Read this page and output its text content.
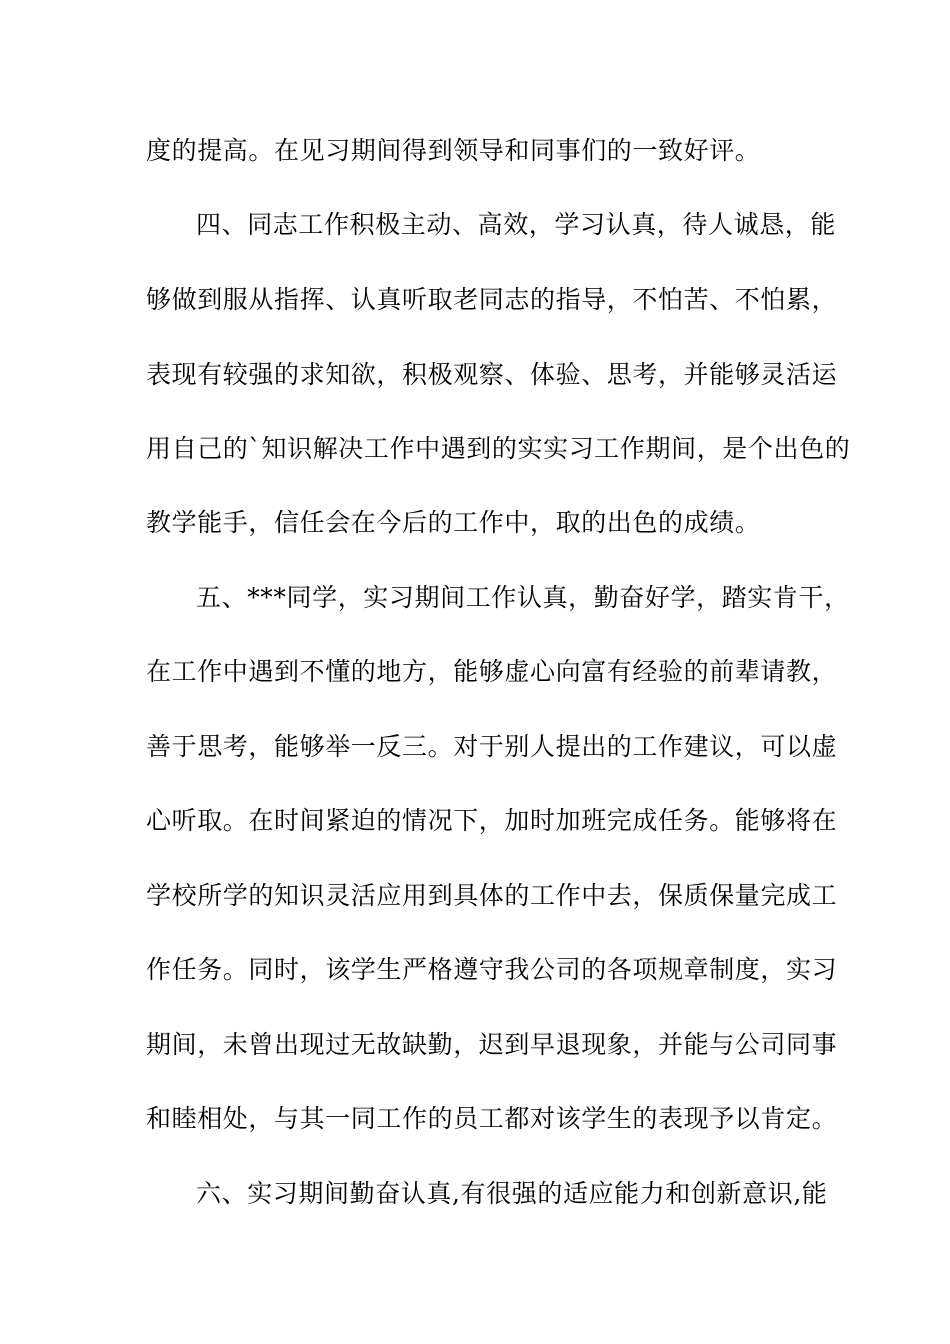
度的提高。在见习期间得到领导和同事们的一致好评。
四、同志工作积极主动、高效，学习认真，待人诚恳，能
够做到服从指挥、认真听取老同志的指导，不怕苦、不怕累，
表现有较强的求知欲，积极观察、体验、思考，并能够灵活运
用自己的`知识解决工作中遇到的实实习工作期间，是个出色的
教学能手，信任会在今后的工作中，取的出色的成绩。
五、***同学，实习期间工作认真，勤奋好学，踏实肯干，
在工作中遇到不懂的地方，能够虚心向富有经验的前辈请教，
善于思考，能够举一反三。对于别人提出的工作建议，可以虚
心听取。在时间紧迫的情况下，加时加班完成任务。能够将在
学校所学的知识灵活应用到具体的工作中去，保质保量完成工
作任务。同时，该学生严格遵守我公司的各项规章制度，实习
期间，未曾出现过无故缺勤，迟到早退现象，并能与公司同事
和睦相处，与其一同工作的员工都对该学生的表现予以肯定。
六、实习期间勤奋认真,有很强的适应能力和创新意识,能
